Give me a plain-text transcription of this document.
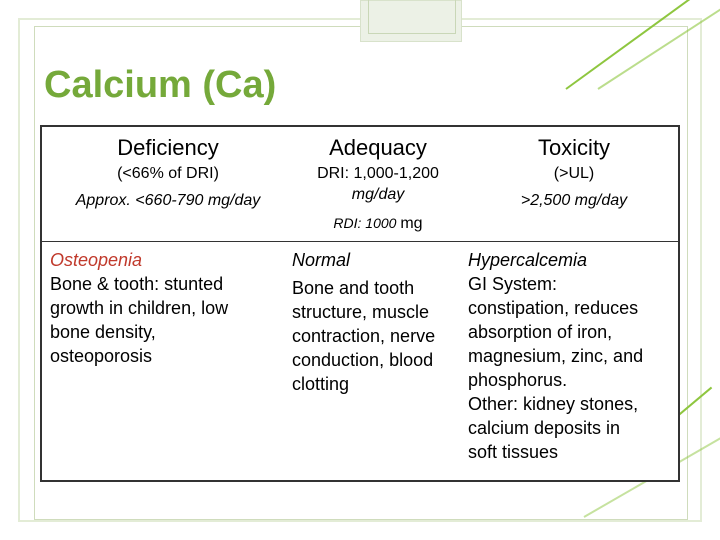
Calcium (Ca)
Deficiency
(<66% of DRI)
Approx. <660-790 mg/day
Osteopenia
Bone & tooth: stunted
growth in children, low
bone density,
osteoporosis
Adequacy
DRI: 1,000-1,200
mg/day
RDI: 1000 mg
Normal
Bone and tooth
structure, muscle
contraction, nerve
conduction, blood
clotting
Toxicity
(>UL)
>2,500 mg/day
Hypercalcemia
GI System:
constipation, reduces
absorption of iron,
magnesium, zinc, and
phosphorus.
Other: kidney stones,
calcium deposits in
soft tissues
